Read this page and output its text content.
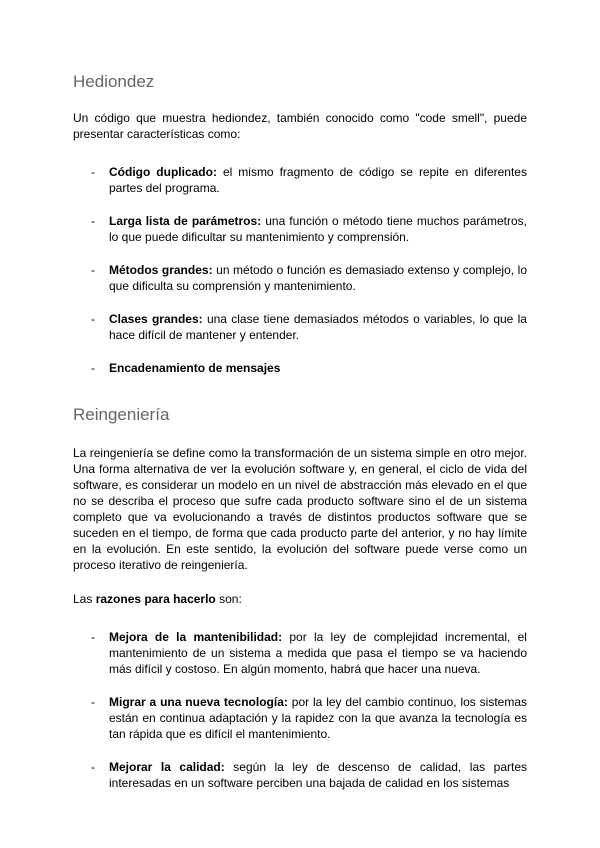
Hediondez

Un código que muestra hediondez, también conocido como "code smell", puede presentar características como:

- Código duplicado: el mismo fragmento de código se repite en diferentes partes del programa.
- Larga lista de parámetros: una función o método tiene muchos parámetros, lo que puede dificultar su mantenimiento y comprensión.
- Métodos grandes: un método o función es demasiado extenso y complejo, lo que dificulta su comprensión y mantenimiento.
- Clases grandes: una clase tiene demasiados métodos o variables, lo que la hace difícil de mantener y entender.
- Encadenamiento de mensajes
Reingeniería

La reingeniería se define como la transformación de un sistema simple en otro mejor. Una forma alternativa de ver la evolución software y, en general, el ciclo de vida del software, es considerar un modelo en un nivel de abstracción más elevado en el que no se describa el proceso que sufre cada producto software sino el de un sistema completo que va evolucionando a través de distintos productos software que se suceden en el tiempo, de forma que cada producto parte del anterior, y no hay límite en la evolución. En este sentido, la evolución del software puede verse como un proceso iterativo de reingeniería.

Las razones para hacerlo son:

- Mejora de la mantenibilidad: por la ley de complejidad incremental, el mantenimiento de un sistema a medida que pasa el tiempo se va haciendo más difícil y costoso. En algún momento, habrá que hacer una nueva.
- Migrar a una nueva tecnología: por la ley del cambio continuo, los sistemas están en continua adaptación y la rapidez con la que avanza la tecnología es tan rápida que es difícil el mantenimiento.
- Mejorar la calidad: según la ley de descenso de calidad, las partes interesadas en un software perciben una bajada de calidad en los sistemas
